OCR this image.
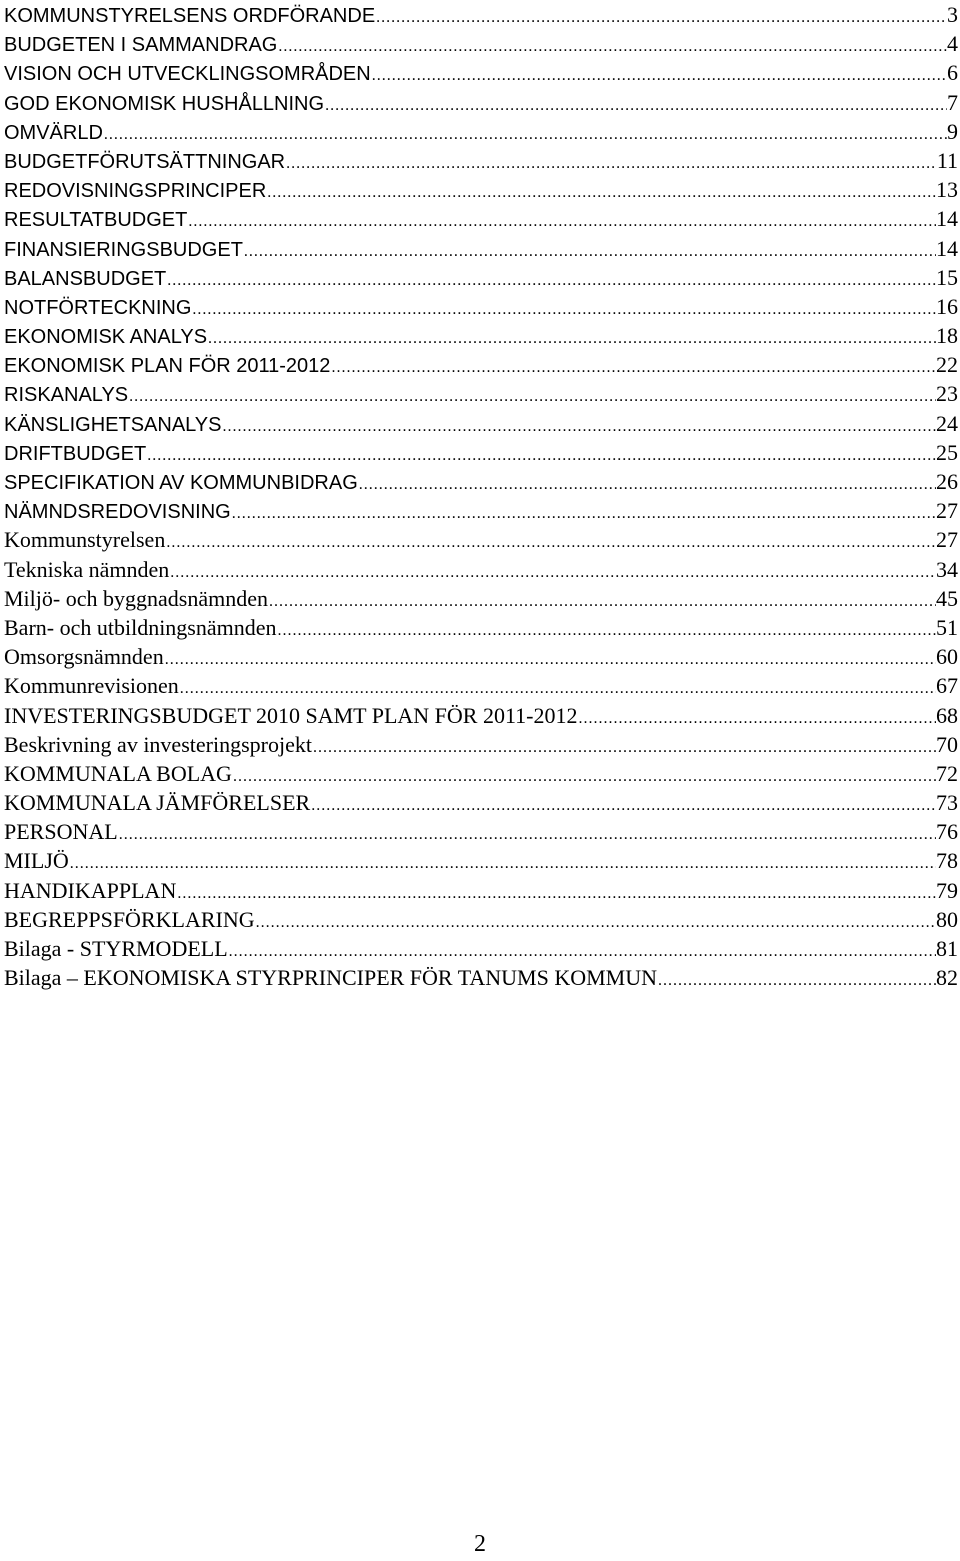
KOMMUNSTYRELSENS ORDFÖRANDE .....	3
BUDGETEN I SAMMANDRAG .....	4
VISION OCH UTVECKLINGSOMRÅDEN .....	6
GOD EKONOMISK HUSHÅLLNING .....	7
OMVÄRLD .....	9
BUDGETFÖRUTSÄTTNINGAR .....	11
REDOVISNINGSPRINCIPER .....	13
RESULTATBUDGET .....	14
FINANSIERINGSBUDGET .....	14
BALANSBUDGET .....	15
NOTFÖRTECKNING .....	16
EKONOMISK ANALYS .....	18
EKONOMISK PLAN FÖR 2011-2012 .....	22
RISKANALYS .....	23
KÄNSLIGHETSANALYS .....	24
DRIFTBUDGET .....	25
SPECIFIKATION AV KOMMUNBIDRAG .....	26
NÄMNDSREDOVISNING .....	27
Kommunstyrelsen .....	27
Tekniska nämnden .....	34
Miljö- och byggnadsnämnden .....	45
Barn- och utbildningsnämnden .....	51
Omsorgsnämnden .....	60
Kommunrevisionen .....	67
INVESTERINGSBUDGET 2010 SAMT PLAN FÖR 2011-2012 .....	68
Beskrivning av investeringsprojekt .....	70
KOMMUNALA BOLAG .....	72
KOMMUNALA JÄMFÖRELSER .....	73
PERSONAL .....	76
MILJÖ .....	78
HANDIKAPPLAN .....	79
BEGREPPSFÖRKLARING .....	80
Bilaga - STYRMODELL .....	81
Bilaga – EKONOMISKA STYRPRINCIPER FÖR TANUMS KOMMUN .....	82
2
